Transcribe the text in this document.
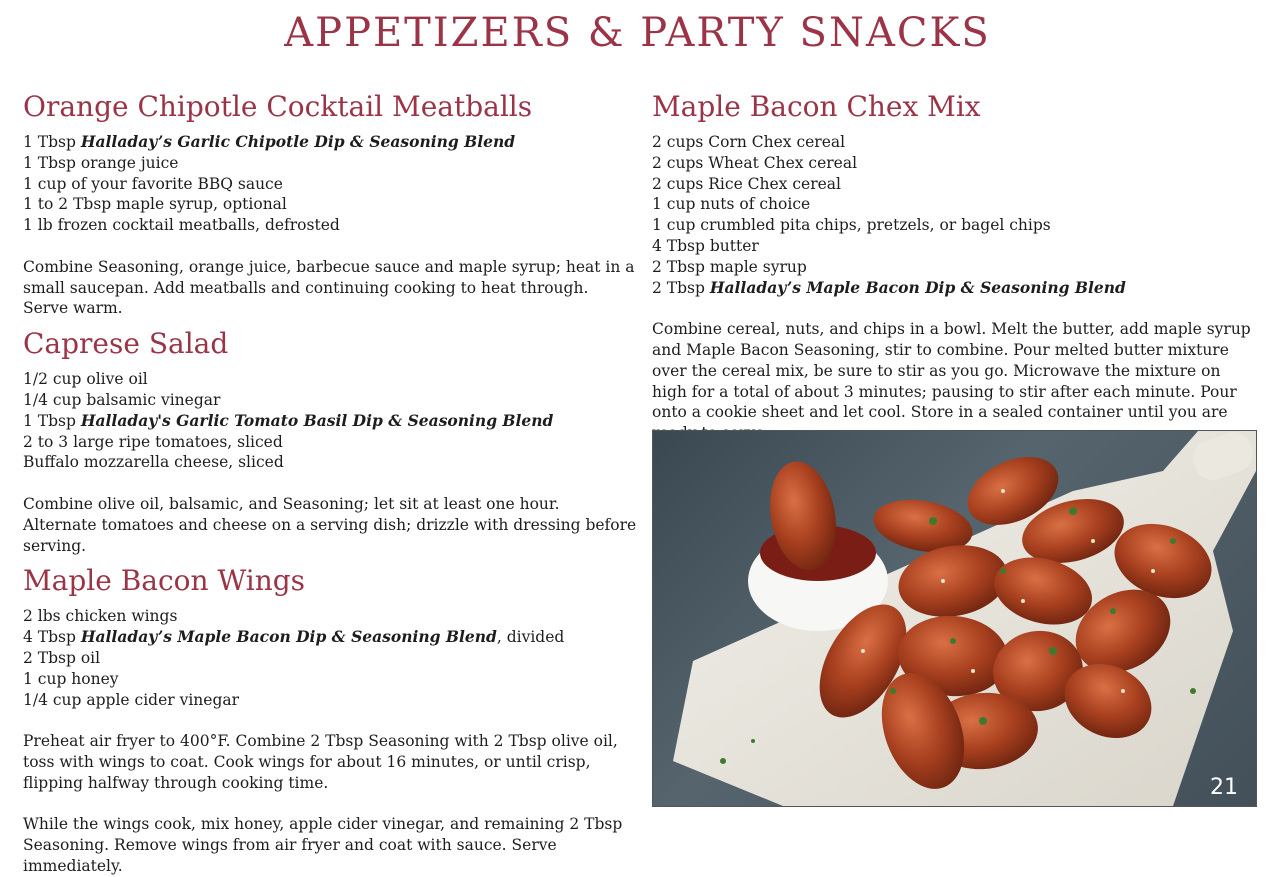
APPETIZERS & PARTY SNACKS
Orange Chipotle Cocktail Meatballs
1 Tbsp Halladay’s Garlic Chipotle Dip & Seasoning Blend
1 Tbsp orange juice
1 cup of your favorite BBQ sauce
1 to 2 Tbsp maple syrup, optional
1 lb frozen cocktail meatballs, defrosted

Combine Seasoning, orange juice, barbecue sauce and maple syrup; heat in a small saucepan. Add meatballs and continuing cooking to heat through. Serve warm.

Caprese Salad
1/2 cup olive oil
1/4 cup balsamic vinegar
1 Tbsp Halladay's Garlic Tomato Basil Dip & Seasoning Blend
2 to 3 large ripe tomatoes, sliced
Buffalo mozzarella cheese, sliced

Combine olive oil, balsamic, and Seasoning; let sit at least one hour. Alternate tomatoes and cheese on a serving dish; drizzle with dressing before serving.

Maple Bacon Wings
2 lbs chicken wings
4 Tbsp Halladay’s Maple Bacon Dip & Seasoning Blend, divided
2 Tbsp oil
1 cup honey
1/4 cup apple cider vinegar

Preheat air fryer to 400°F. Combine 2 Tbsp Seasoning with 2 Tbsp olive oil, toss with wings to coat. Cook wings for about 16 minutes, or until crisp, flipping halfway through cooking time.

While the wings cook, mix honey, apple cider vinegar, and remaining 2 Tbsp Seasoning. Remove wings from air fryer and coat with sauce. Serve immediately.

Maple Bacon Chex Mix
2 cups Corn Chex cereal
2 cups Wheat Chex cereal
2 cups Rice Chex cereal
1 cup nuts of choice
1 cup crumbled pita chips, pretzels, or bagel chips
4 Tbsp butter
2 Tbsp maple syrup
2 Tbsp Halladay’s Maple Bacon Dip & Seasoning Blend

Combine cereal, nuts, and chips in a bowl. Melt the butter, add maple syrup and Maple Bacon Seasoning, stir to combine. Pour melted butter mixture over the cereal mix, be sure to stir as you go. Microwave the mixture on high for a total of about 3 minutes; pausing to stir after each minute. Pour onto a cookie sheet and let cool. Store in a sealed container until you are

21
